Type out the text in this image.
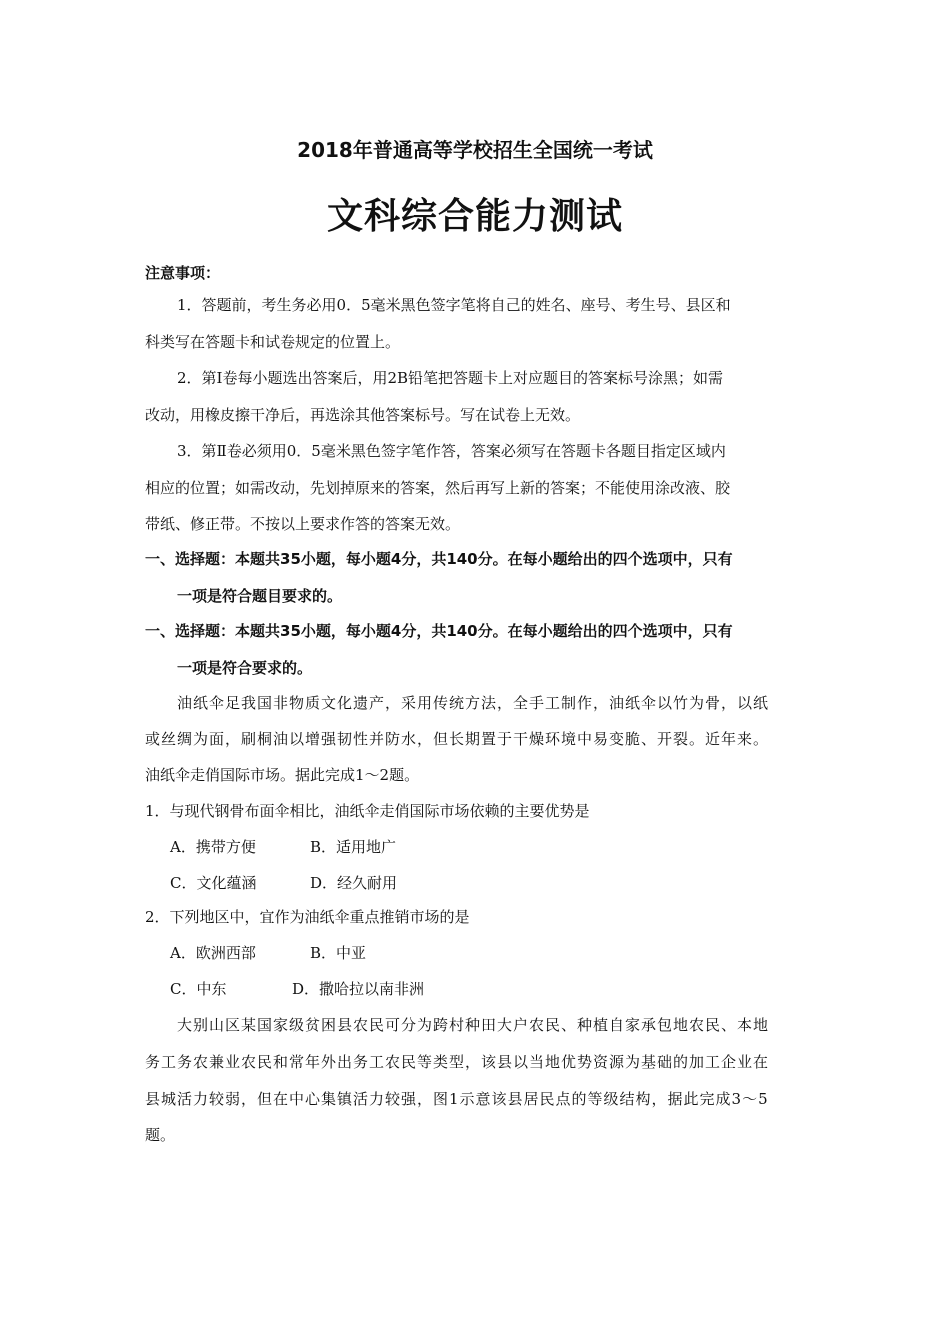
2018年普通高等学校招生全国统一考试
文科综合能力测试
注意事项：
1．答题前，考生务必用0．5毫米黑色签字笔将自己的姓名、座号、考生号、县区和
科类写在答题卡和试卷规定的位置上。
2．第Ⅰ卷每小题选出答案后，用2B铅笔把答题卡上对应题目的答案标号涂黑；如需
改动，用橡皮擦干净后，再选涂其他答案标号。写在试卷上无效。
3．第Ⅱ卷必须用0．5毫米黑色签字笔作答，答案必须写在答题卡各题目指定区域内
相应的位置；如需改动，先划掉原来的答案，然后再写上新的答案；不能使用涂改液、胶
带纸、修正带。不按以上要求作答的答案无效。
一、选择题：本题共35小题，每小题4分，共140分。在每小题给出的四个选项中，只有
一项是符合题目要求的。
一、选择题：本题共35小题，每小题4分，共140分。在每小题给出的四个选项中，只有
一项是符合要求的。
油纸伞足我国非物质文化遗产，采用传统方法，全手工制作，油纸伞以竹为骨，以纸
或丝绸为面，刷桐油以增强韧性并防水，但长期置于干燥环境中易变脆、开裂。近年来。
油纸伞走俏国际市场。据此完成1～2题。
1．与现代钢骨布面伞相比，油纸伞走俏国际市场依赖的主要优势是
A．携带方便	B．适用地广
C．文化蕴涵	D．经久耐用
2．下列地区中，宜作为油纸伞重点推销市场的是
A．欧洲西部	B．中亚
C．中东	D．撒哈拉以南非洲
大别山区某国家级贫困县农民可分为跨村种田大户农民、种植自家承包地农民、本地
务工务农兼业农民和常年外出务工农民等类型，该县以当地优势资源为基础的加工企业在
县城活力较弱，但在中心集镇活力较强，图1示意该县居民点的等级结构，据此完成3～5
题。
